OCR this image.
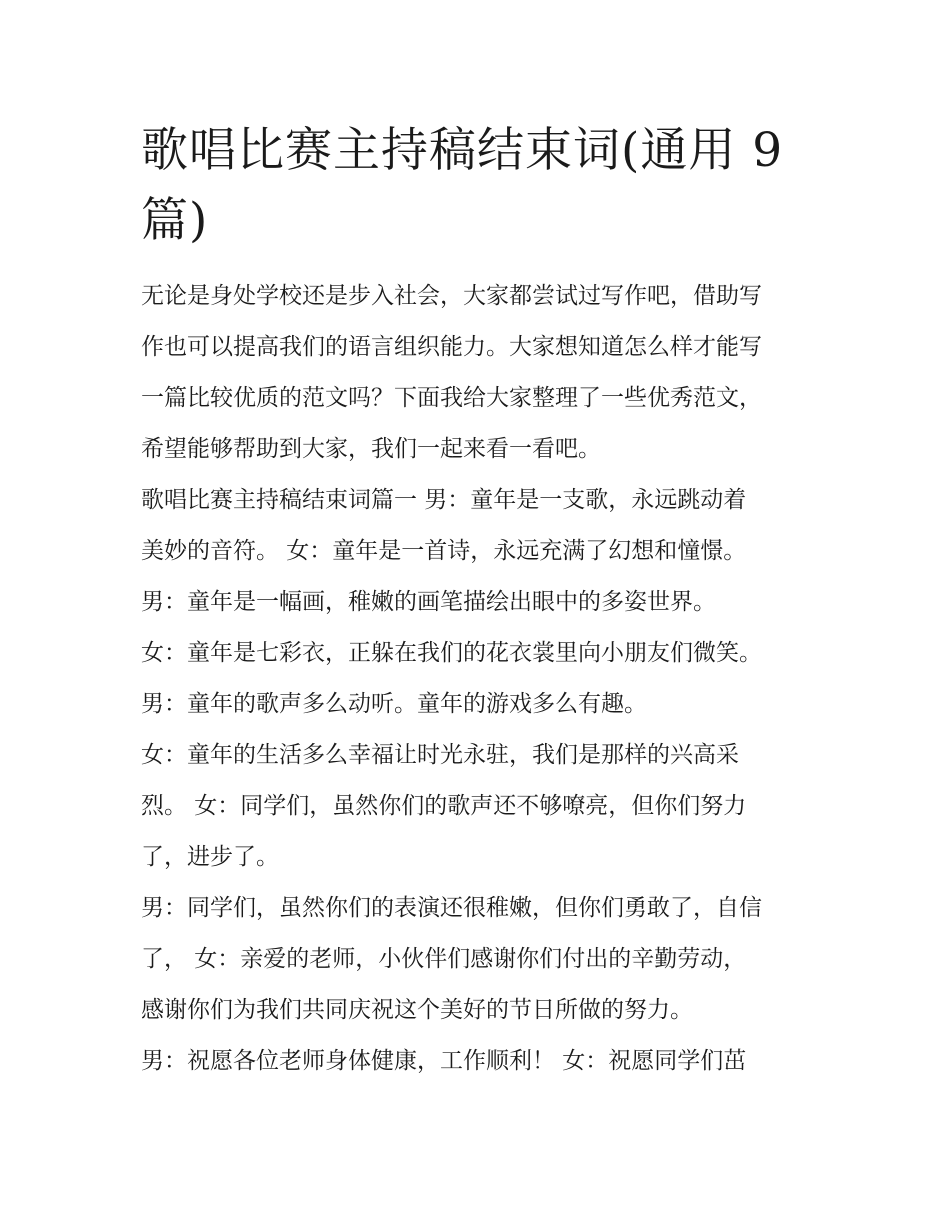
歌唱比赛主持稿结束词(通用 9
篇)

无论是身处学校还是步入社会，大家都尝试过写作吧，借助写

作也可以提高我们的语言组织能力。大家想知道怎么样才能写

一篇比较优质的范文吗？下面我给大家整理了一些优秀范文，

希望能够帮助到大家，我们一起来看一看吧。

歌唱比赛主持稿结束词篇一 男：童年是一支歌，永远跳动着

美妙的音符。 女：童年是一首诗，永远充满了幻想和憧憬。

男：童年是一幅画，稚嫩的画笔描绘出眼中的多姿世界。

女：童年是七彩衣，正躲在我们的花衣裳里向小朋友们微笑。

男：童年的歌声多么动听。童年的游戏多么有趣。

女：童年的生活多么幸福让时光永驻，我们是那样的兴高采

烈。 女：同学们，虽然你们的歌声还不够嘹亮，但你们努力

了，进步了。

男：同学们，虽然你们的表演还很稚嫩，但你们勇敢了，自信

了， 女：亲爱的老师，小伙伴们感谢你们付出的辛勤劳动，

感谢你们为我们共同庆祝这个美好的节日所做的努力。

男：祝愿各位老师身体健康，工作顺利！ 女：祝愿同学们茁
